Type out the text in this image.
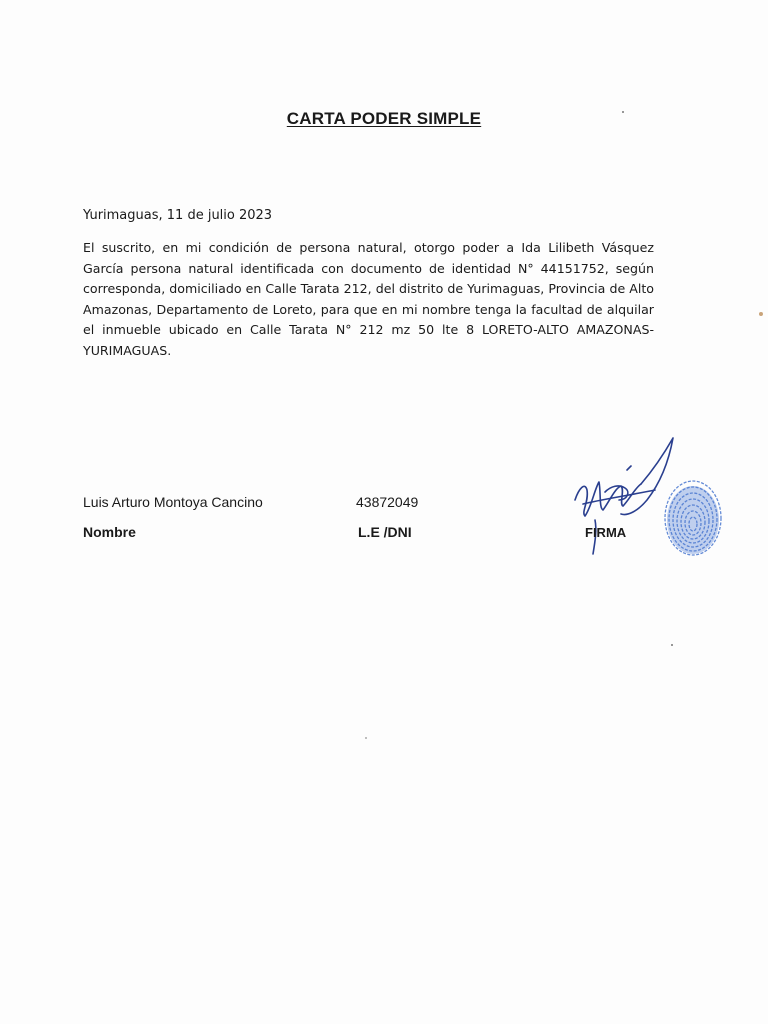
CARTA PODER SIMPLE
Yurimaguas, 11 de julio 2023
El suscrito, en mi condición de persona natural, otorgo poder a Ida Lilibeth Vásquez García persona natural identificada con documento de identidad N° 44151752, según corresponda, domiciliado en Calle Tarata 212, del distrito de Yurimaguas, Provincia de Alto Amazonas, Departamento de Loreto, para que en mi nombre tenga la facultad de alquilar el inmueble ubicado en Calle Tarata N° 212 mz 50 lte 8 LORETO-ALTO AMAZONAS-YURIMAGUAS.
Luis Arturo Montoya Cancino	43872049
Nombre	L.E /DNI	FIRMA
